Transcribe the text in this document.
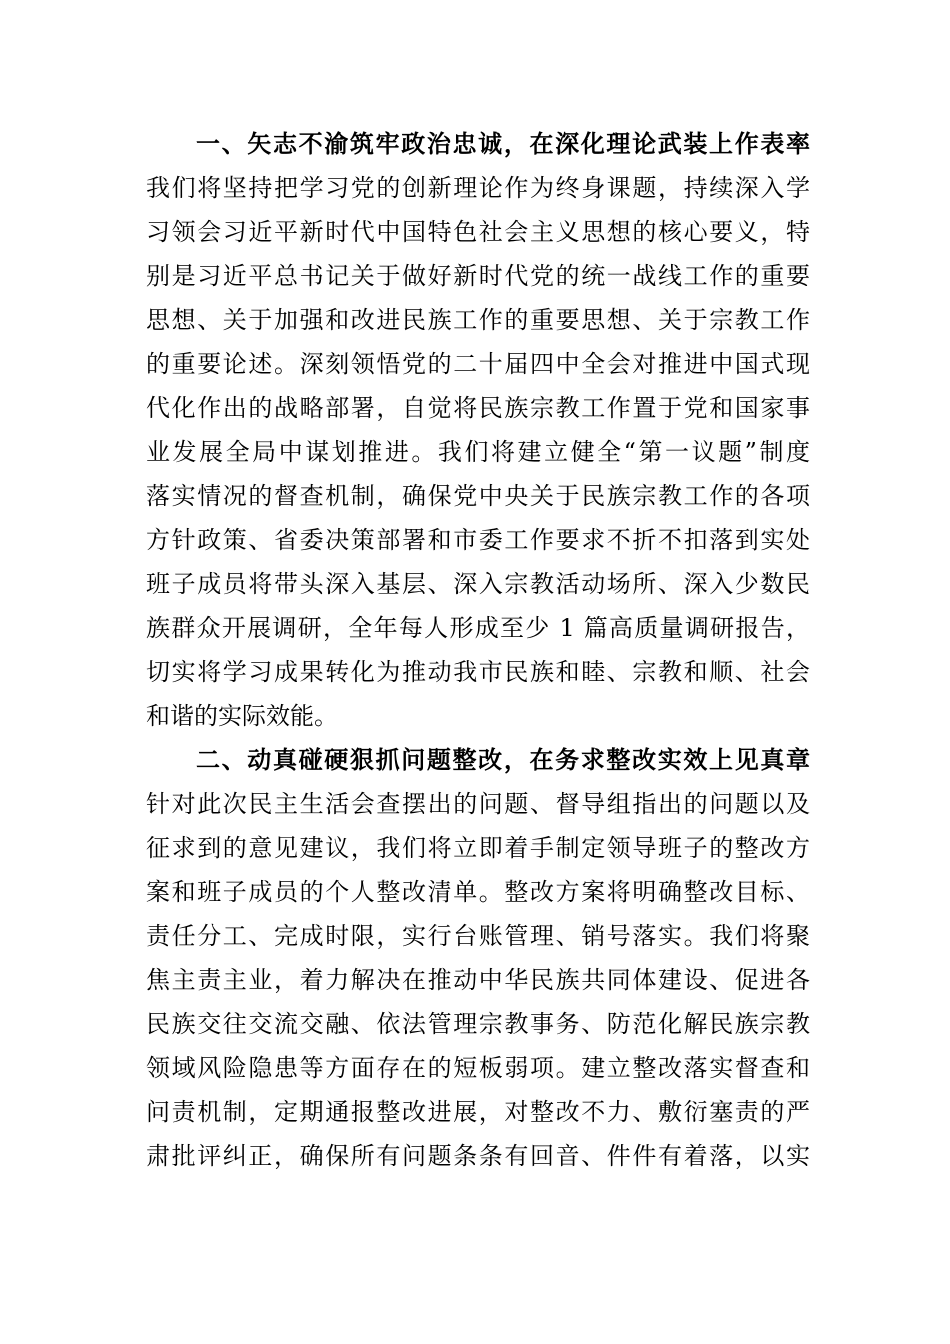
一、矢志不渝筑牢政治忠诚，在深化理论武装上作表率
我们将坚持把学习党的创新理论作为终身课题，持续深入学
习领会习近平新时代中国特色社会主义思想的核心要义，特
别是习近平总书记关于做好新时代党的统一战线工作的重要
思想、关于加强和改进民族工作的重要思想、关于宗教工作
的重要论述。深刻领悟党的二十届四中全会对推进中国式现
代化作出的战略部署，自觉将民族宗教工作置于党和国家事
业发展全局中谋划推进。我们将建立健全“第一议题”制度
落实情况的督查机制，确保党中央关于民族宗教工作的各项
方针政策、省委决策部署和市委工作要求不折不扣落到实处
班子成员将带头深入基层、深入宗教活动场所、深入少数民
族群众开展调研，全年每人形成至少 1 篇高质量调研报告，
切实将学习成果转化为推动我市民族和睦、宗教和顺、社会
和谐的实际效能。
二、动真碰硬狠抓问题整改，在务求整改实效上见真章
针对此次民主生活会查摆出的问题、督导组指出的问题以及
征求到的意见建议，我们将立即着手制定领导班子的整改方
案和班子成员的个人整改清单。整改方案将明确整改目标、
责任分工、完成时限，实行台账管理、销号落实。我们将聚
焦主责主业，着力解决在推动中华民族共同体建设、促进各
民族交往交流交融、依法管理宗教事务、防范化解民族宗教
领域风险隐患等方面存在的短板弱项。建立整改落实督查和
问责机制，定期通报整改进展，对整改不力、敷衍塞责的严
肃批评纠正，确保所有问题条条有回音、件件有着落，以实
